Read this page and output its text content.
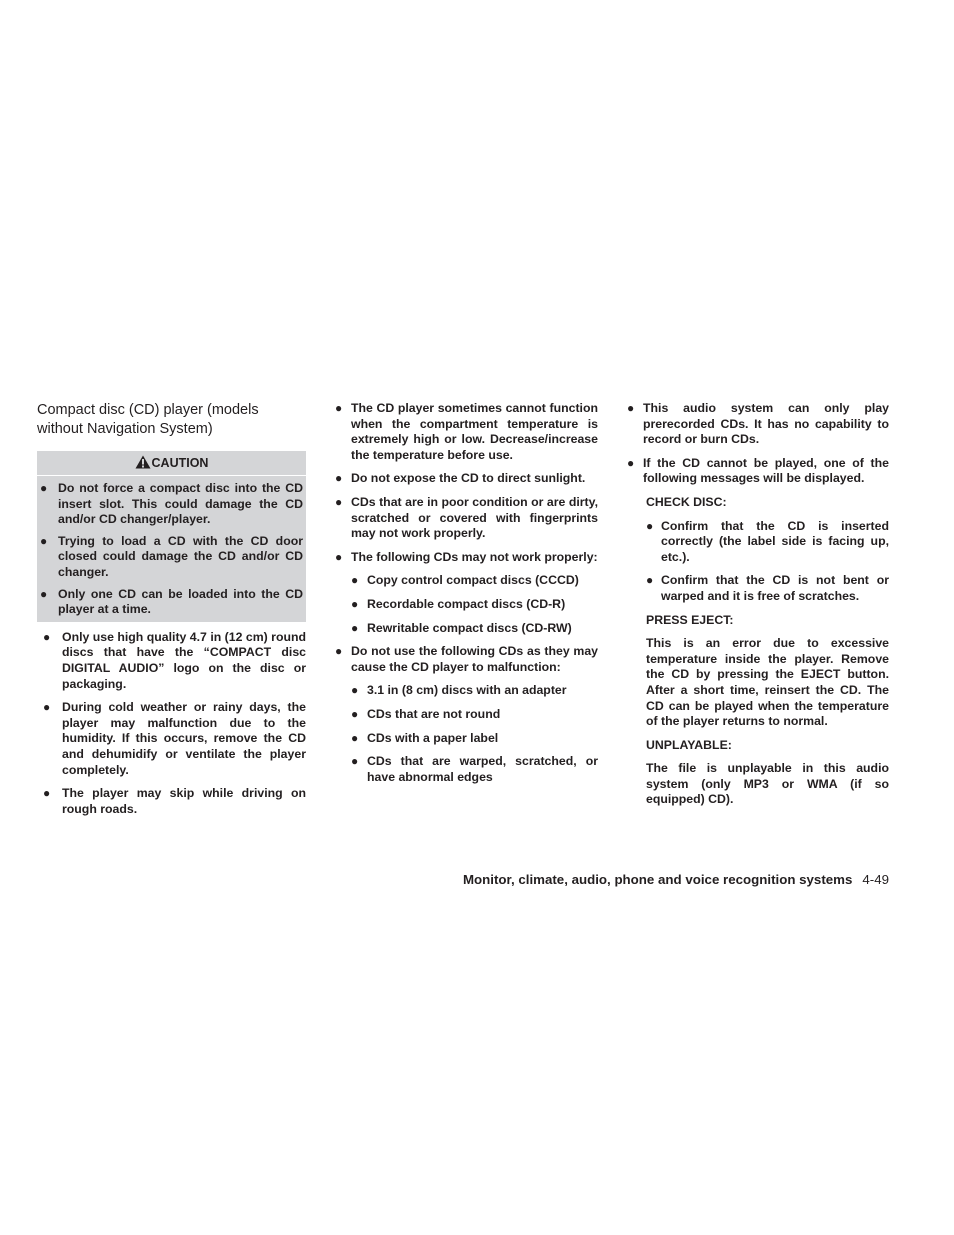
Compact disc (CD) player (models without Navigation System)
CAUTION
● Do not force a compact disc into the CD insert slot. This could damage the CD and/or CD changer/player.
● Trying to load a CD with the CD door closed could damage the CD and/or CD changer.
● Only one CD can be loaded into the CD player at a time.
● Only use high quality 4.7 in (12 cm) round discs that have the “COMPACT disc DIGITAL AUDIO” logo on the disc or packaging.
● During cold weather or rainy days, the player may malfunction due to the humidity. If this occurs, remove the CD and dehumidify or ventilate the player completely.
● The player may skip while driving on rough roads.
● The CD player sometimes cannot function when the compartment temperature is extremely high or low. Decrease/increase the temperature before use.
● Do not expose the CD to direct sunlight.
● CDs that are in poor condition or are dirty, scratched or covered with fingerprints may not work properly.
● The following CDs may not work properly:
● Copy control compact discs (CCCD)
● Recordable compact discs (CD-R)
● Rewritable compact discs (CD-RW)
● Do not use the following CDs as they may cause the CD player to malfunction:
● 3.1 in (8 cm) discs with an adapter
● CDs that are not round
● CDs with a paper label
● CDs that are warped, scratched, or have abnormal edges
● This audio system can only play prerecorded CDs. It has no capability to record or burn CDs.
● If the CD cannot be played, one of the following messages will be displayed.
CHECK DISC:
● Confirm that the CD is inserted correctly (the label side is facing up, etc.).
● Confirm that the CD is not bent or warped and it is free of scratches.
PRESS EJECT:
This is an error due to excessive temperature inside the player. Remove the CD by pressing the EJECT button. After a short time, reinsert the CD. The CD can be played when the temperature of the player returns to normal.
UNPLAYABLE:
The file is unplayable in this audio system (only MP3 or WMA (if so equipped) CD).
Monitor, climate, audio, phone and voice recognition systems 4-49
